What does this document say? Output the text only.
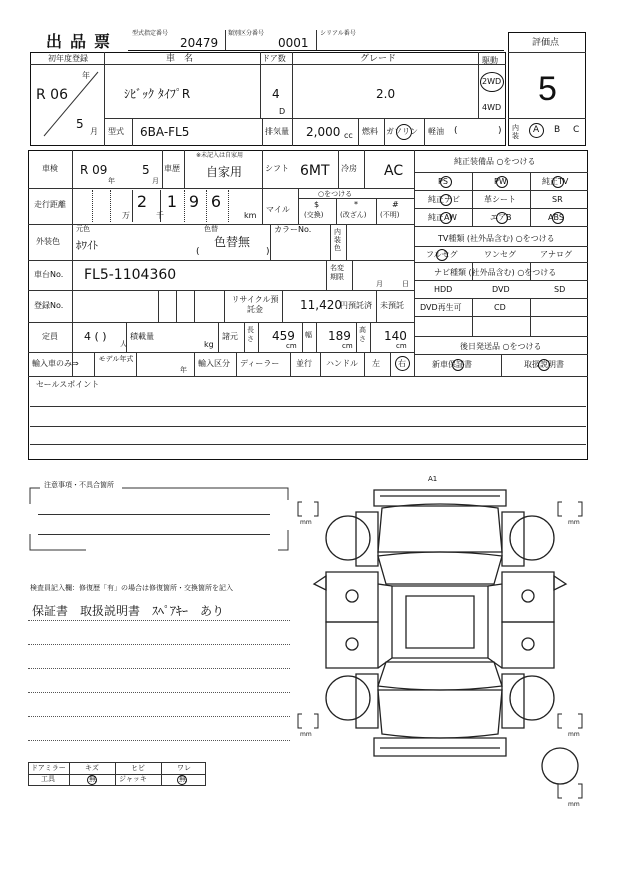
出品票 型式指定番号
20479
類別区分番号
0001
シリアル番号
評価点
5
内装
A B C
初年度登録
年
R 06
5
月
車　名
ｼﾋﾞｯｸ ﾀｲﾌﾟR
ドア数
4
D
グレード
2.0
駆動
2WD
4WD
型式 6BA-FL5	排気量 2,000 cc 燃料 ガソリン 軽油 (	)
車検 R 09
年
5
月
車歴
※未記入は自家用
自家用	シフト 6MT 冷房 AC
走行距離	2 1 9 6
万	千	km
○をつける
マイル
$	*	#
(交換) (改ざん) (不明)
外装色
元色
ﾎﾜｲﾄ
色替
(
色替無
)
カラーNo.	内装色
車台No. FL5-1104360	名変期限
月	日
登録No.
リサイクル預託金	11,420
円預託済 未預託
定員 4 ( )
人
積載量
kg
諸元
長さ 459
cm
幅 189
cm
高さ 140
cm
輸入車のみ⇒	モデル年式
年
輸入区分 ディーラー 並行 ハンドル 左 右
純正装備品 ○をつける
PS	PW	純正TV
純正ナビ	革シート	SR
純正AW	エアB	ABS
TV種類 (社外品含む) ○をつける
フルセグ	ワンセグ	アナログ
ナビ種類 (社外品含む) ○をつける
HDD	DVD	SD
DVD再生可	CD
後日発送品 ○をつける
新車保証書	取扱説明書
セールスポイント
注意事項・不具合箇所
検査員記入欄：修復歴「有」の場合は修復箇所・交換箇所を記入
保証書　取扱説明書　ｽﾍﾟｱｷｰ　あり
ドアミラー	キズ	ヒビ	ワレ
工具	無	ジャッキ	無
A1
mm	mm
mm	mm
mm
